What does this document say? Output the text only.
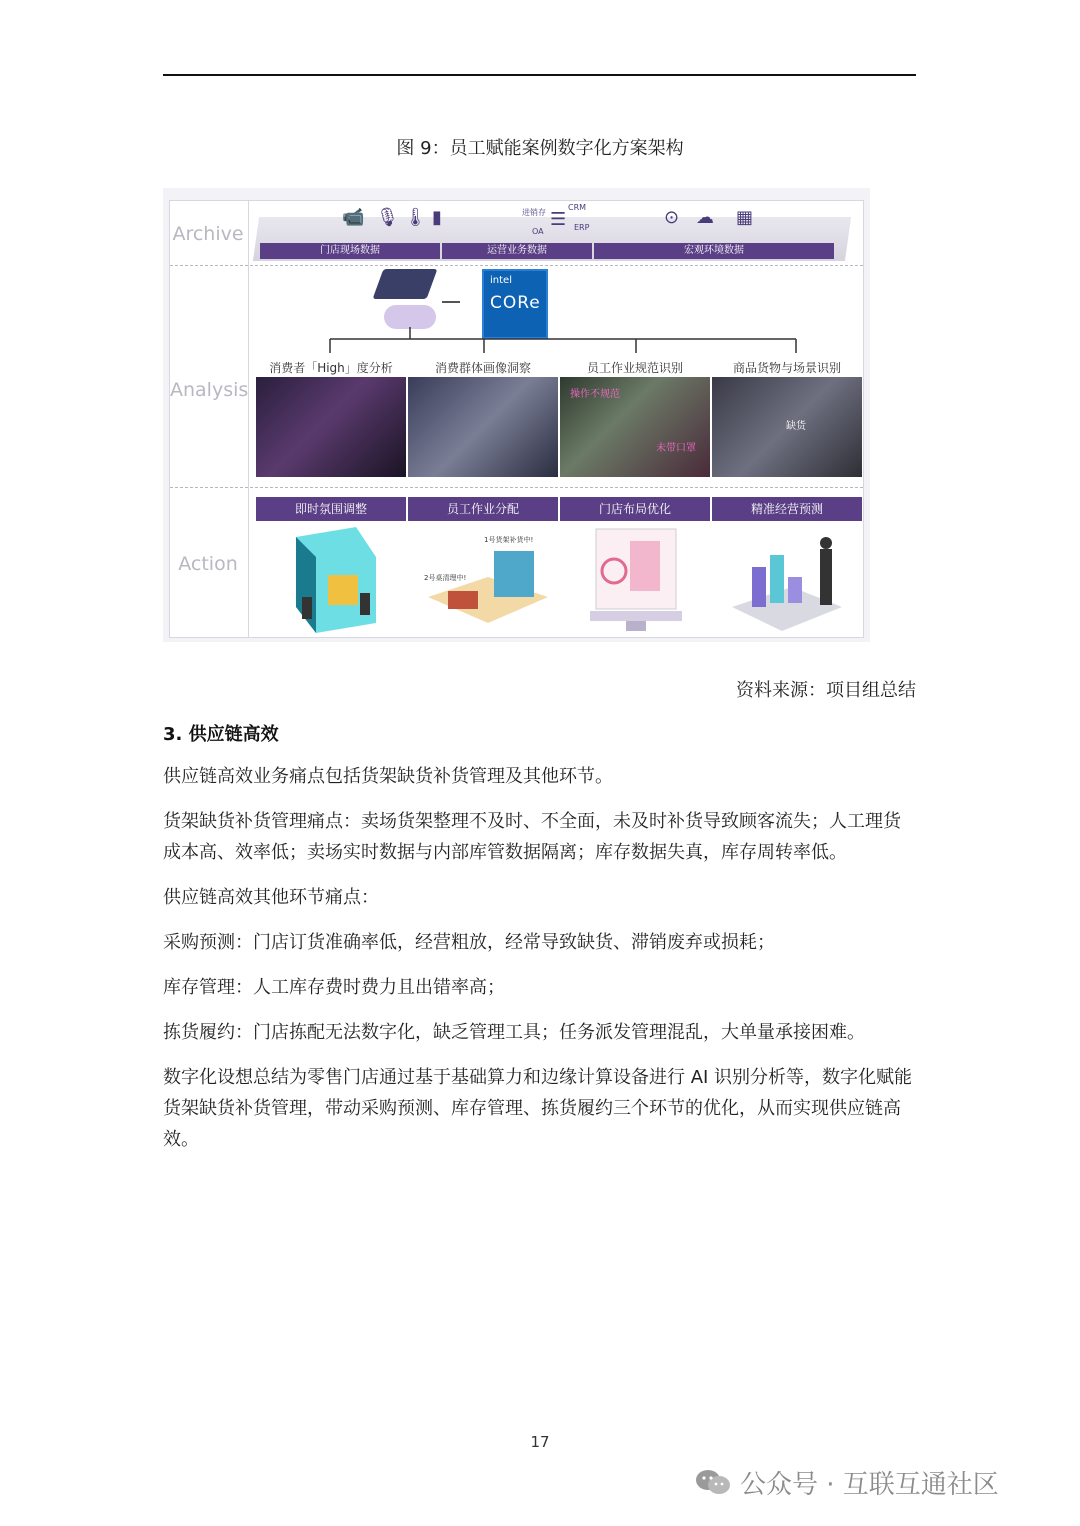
图 9：员工赋能案例数字化方案架构
Archive
Analysis
Action
📹 🎙 🌡 ▮	进销存
CRM
OA	ERP
☰	⊙ ☁ ▦
门店现场数据	运营业务数据	宏观环境数据
intel
CORe
消费者「High」度分析	消费群体画像洞察	员工作业规范识别	商品货物与场景识别
操作不规范
未带口罩
缺货
即时氛围调整	员工作业分配	门店布局优化	精准经营预测
1号货架补货中!
2号桌清理中!
资料来源：项目组总结
3. 供应链高效
供应链高效业务痛点包括货架缺货补货管理及其他环节。
货架缺货补货管理痛点：卖场货架整理不及时、不全面，未及时补货导致顾客流失；人工理货成本高、效率低；卖场实时数据与内部库管数据隔离；库存数据失真，库存周转率低。
供应链高效其他环节痛点：
采购预测：门店订货准确率低，经营粗放，经常导致缺货、滞销废弃或损耗；
库存管理：人工库存费时费力且出错率高；
拣货履约：门店拣配无法数字化，缺乏管理工具；任务派发管理混乱，大单量承接困难。
数字化设想总结为零售门店通过基于基础算力和边缘计算设备进行 AI 识别分析等，数字化赋能货架缺货补货管理，带动采购预测、库存管理、拣货履约三个环节的优化，从而实现供应链高效。
17
公众号 · 互联互通社区
